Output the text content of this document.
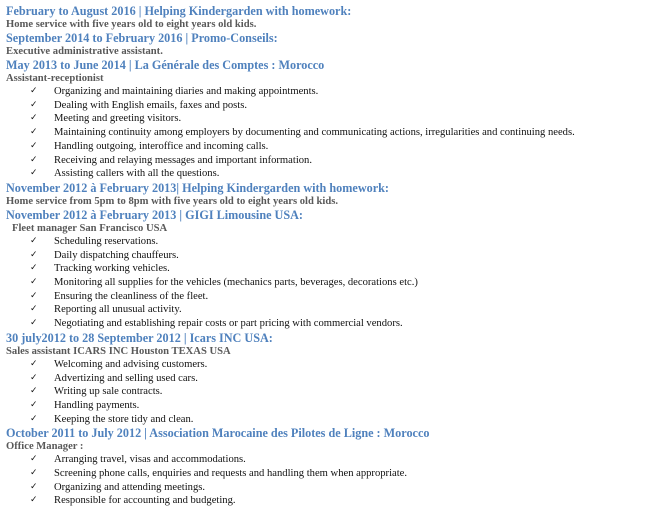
February to August 2016 | Helping Kindergarden with homework:
Home service with five years old to eight years old kids.
September 2014 to February 2016 | Promo-Conseils:
Executive administrative assistant.
May 2013 to June 2014 | La Générale des Comptes : Morocco
Assistant-receptionist
✓	Organizing and maintaining diaries and making appointments.
✓	Dealing with English emails, faxes and posts.
✓	Meeting and greeting visitors.
✓	Maintaining continuity among employers by documenting and communicating actions, irregularities and continuing needs.
✓	Handling outgoing, interoffice and incoming calls.
✓	Receiving and relaying messages and important information.
✓	Assisting callers with all the questions.
November 2012 à February 2013| Helping Kindergarden with homework:
Home service from 5pm to 8pm with five years old to eight years old kids.
November 2012 à February 2013 | GIGI Limousine USA:
Fleet manager San Francisco USA
✓	Scheduling reservations.
✓	Daily dispatching chauffeurs.
✓	Tracking working vehicles.
✓	Monitoring all supplies for the vehicles (mechanics parts, beverages, decorations etc.)
✓	Ensuring the cleanliness of the fleet.
✓	Reporting all unusual activity.
✓	Negotiating and establishing repair costs or part pricing with commercial vendors.
30 july2012 to 28 September 2012 | Icars INC USA:
Sales assistant ICARS INC Houston TEXAS USA
✓	Welcoming and advising customers.
✓	Advertizing and selling used cars.
✓	Writing up sale contracts.
✓	Handling payments.
✓	Keeping the store tidy and clean.
October 2011 to July 2012 | Association Marocaine des Pilotes de Ligne : Morocco
Office Manager :
✓	Arranging travel, visas and accommodations.
✓	Screening phone calls, enquiries and requests and handling them when appropriate.
✓	Organizing and attending meetings.
✓	Responsible for accounting and budgeting.
